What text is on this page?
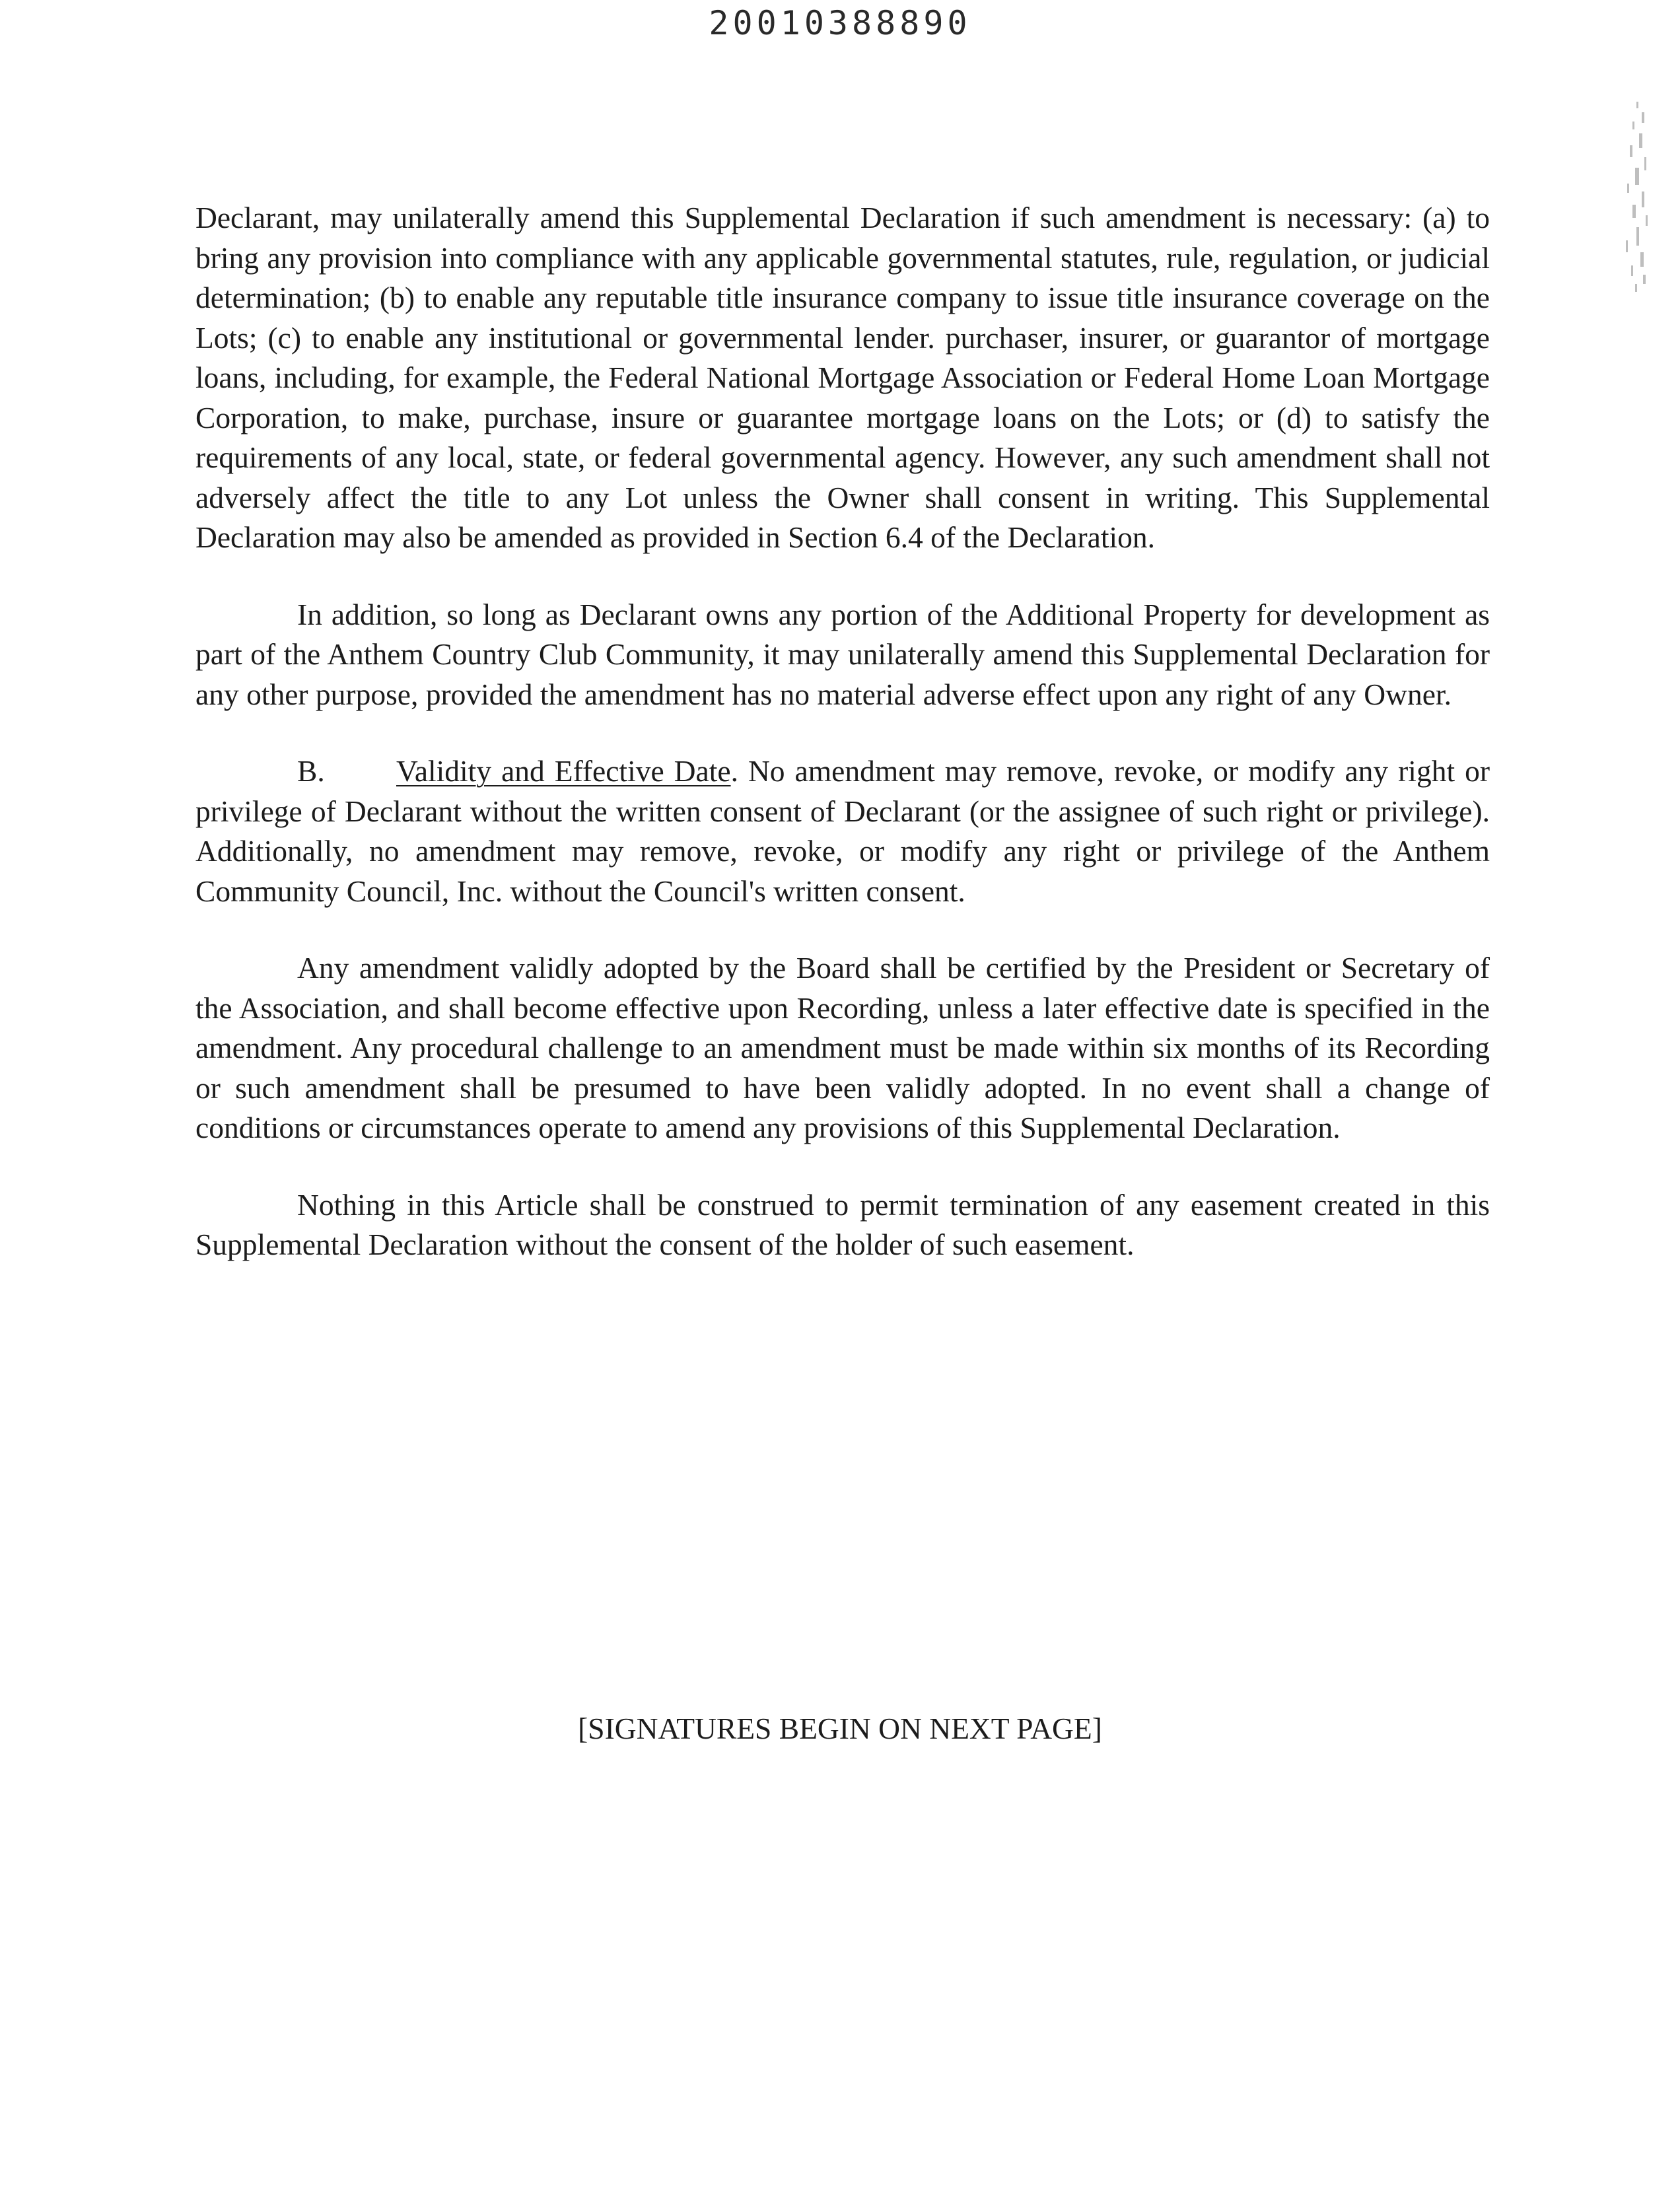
20010388890

Declarant, may unilaterally amend this Supplemental Declaration if such amendment is necessary: (a) to bring any provision into compliance with any applicable governmental statutes, rule, regulation, or judicial determination; (b) to enable any reputable title insurance company to issue title insurance coverage on the Lots; (c) to enable any institutional or governmental lender. purchaser, insurer, or guarantor of mortgage loans, including, for example, the Federal National Mortgage Association or Federal Home Loan Mortgage Corporation, to make, purchase, insure or guarantee mortgage loans on the Lots; or (d) to satisfy the requirements of any local, state, or federal governmental agency. However, any such amendment shall not adversely affect the title to any Lot unless the Owner shall consent in writing. This Supplemental Declaration may also be amended as provided in Section 6.4 of the Declaration.

In addition, so long as Declarant owns any portion of the Additional Property for development as part of the Anthem Country Club Community, it may unilaterally amend this Supplemental Declaration for any other purpose, provided the amendment has no material adverse effect upon any right of any Owner.

B. Validity and Effective Date. No amendment may remove, revoke, or modify any right or privilege of Declarant without the written consent of Declarant (or the assignee of such right or privilege). Additionally, no amendment may remove, revoke, or modify any right or privilege of the Anthem Community Council, Inc. without the Council's written consent.

Any amendment validly adopted by the Board shall be certified by the President or Secretary of the Association, and shall become effective upon Recording, unless a later effective date is specified in the amendment. Any procedural challenge to an amendment must be made within six months of its Recording or such amendment shall be presumed to have been validly adopted. In no event shall a change of conditions or circumstances operate to amend any provisions of this Supplemental Declaration.

Nothing in this Article shall be construed to permit termination of any easement created in this Supplemental Declaration without the consent of the holder of such easement.

[SIGNATURES BEGIN ON NEXT PAGE]
